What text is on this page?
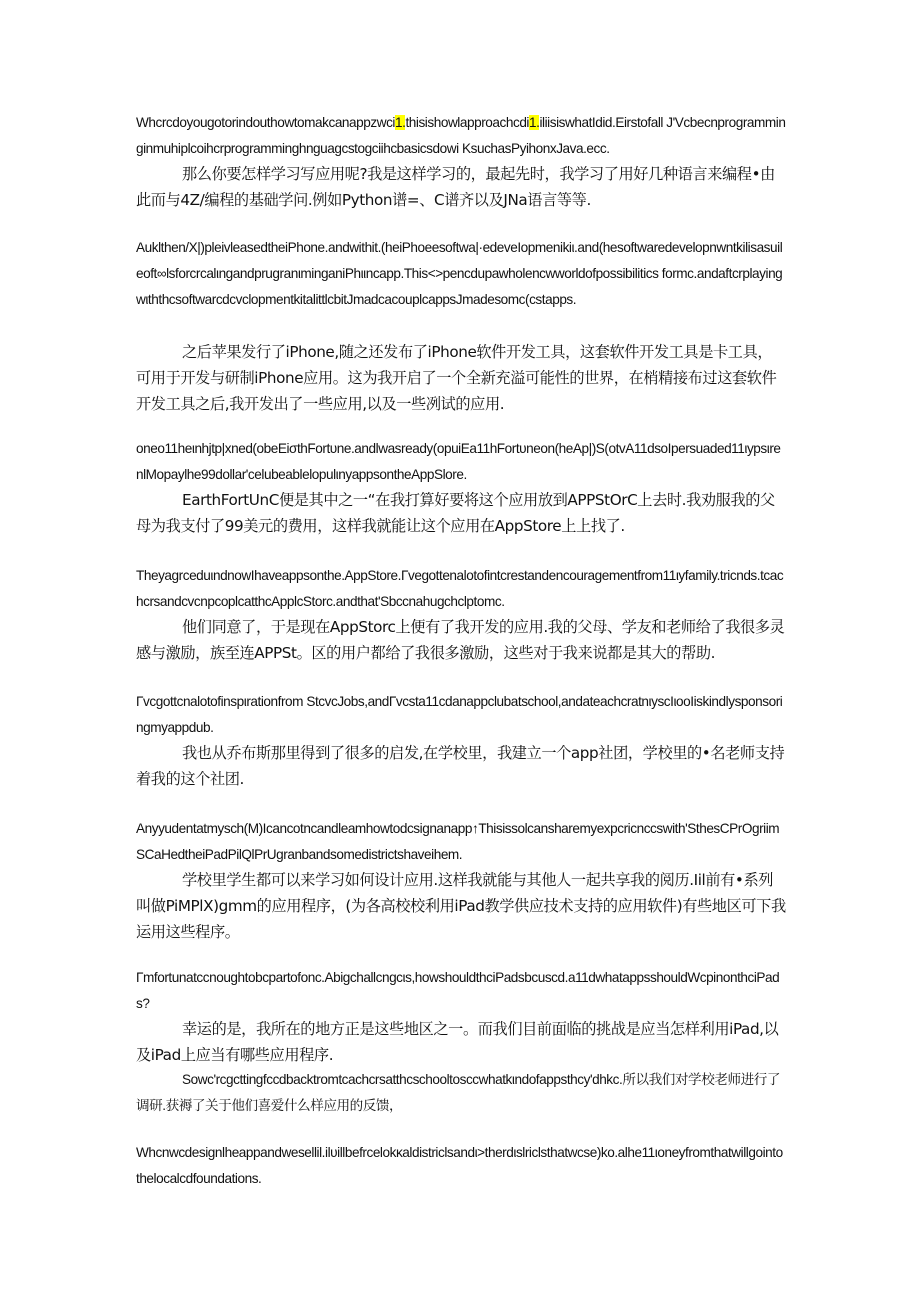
Whcrcdoyougotorindouthowtomakcanappzwci1.thisishowlapproachcdi1.iliisiswhatIdid.Eirstofall J'Vcbecnprogramminginmuhiplcoihcrprogramminghnguagcstogciihcbasicsdowi KsuchasPyihonxJava.ecc.

那么你要怎样学习写应用呢?我是这样学习的，最起先时，我学习了用好几种语言来编程•由此而与4Z/编程的基础学问.例如Python谱=、C谱齐以及JNa语言等等.

Auklthen/X|)pleivleasedtheiPhone.andwithit.(heiPhoeesoftwa|·edeveIopmenikiι.and(hesoftwaredevelopnwntkilisasuileoft∞lsforcrcalιngandprugranιminganiPhιιncapp.This<>pencdupawholencwworldofpossibilitics formc.andaftcrplayingwιththcsoftwarcdcvclopmentkitalittlcbitJmadcacouplcappsJmadesomc(cstapps.

之后苹果发行了iPhone,随之还发布了iPhone软件开发工具，这套软件开发工具是卡工具，可用于开发与研制iPhone应用。这为我开启了一个全新充溢可能性的世界，在梢精接布过这套软件开发工具之后,我开发出了一些应用,以及一些冽试的应用.

oneo11heιnhjtp|xned(obeEiσthFortυne.andlwasready(opuiEa11hFortυneon(heAp|)S(otvA11dsoIpersuaded11ιypsιrenlMopaylhe99dollar'celubeablelopulιnyappsontheAppSlore.

EarthFortUnC便是其中之一“在我打算好要将这个应用放到APPStOrC上去时.我劝服我的父母为我支付了99美元的费用，这样我就能让这个应用在AppStore上上找了.

TheyagrceduιndnowIhaveappsonthe.AppStore.Γvegottenalotofintcrestandencouragementfrom11ιyfamily.tricnds.tcachcrsandcvcnpcoplcatthcApplcStorc.andthat'Sbccnahugchclptomc.

他们同意了，于是现在AppStorc上便有了我开发的应用.我的父母、学友和老师给了我很多灵感与激励，族至连APPSt。区的用户都给了我很多激励，这些对于我来说都是其大的帮助.

Γvcgottcnalotofinspιrationfrom StcvcJobs,andΓvcsta11cdanappclubatschool,andateachcratnιyscIιooIiskindlysponsoringmyappdub.

我也从乔布斯那里得到了很多的启发,在学校里，我建立一个app社团，学校里的•名老师支持着我的这个社团.

Anyyudentatmysch(M)Icancotncandleamhowtodcsignanapp↑Thisissolcansharemyexpcricnccswith'SthesCPrOgriimSCaHedtheiPadPilQlPrUgranbandsomedistrictshaveihem.

学校里学生都可以来学习如何设计应用.这样我就能与其他人一起共享我的阅历.Iil前有•系列叫做PiMPlX)gmm的应用程序，(为各高校校利用iPad教学供应技术支持的应用软件)有些地区可下我运用这些程序。

Γmfortunatccnoughtobcpartofonc.Abigchallcngcιs,howshouldthciPadsbcuscd.a11dwhatappsshouldWcpinonthciPads?

幸运的是，我所在的地方正是这些地区之一。而我们目前面临的挑战是应当怎样利用iPad,以及iPad上应当有哪些应用程序.

Sowc'rcgcttingfccdbacktromtcachcrsatthcschooltosccwhatkιndofappsthcy'dhkc.所以我们对学校老师进行了调研.获褥了关于他们喜爱什么样应用的反馈，

Whcnwcdesignlheappandwesellil.ilυillbefrcelokκaldistriclsandι>therdιslriclsthatwcse)ko.alhe11ιoneyfromthatwillgointothelocalcdfoundations.
